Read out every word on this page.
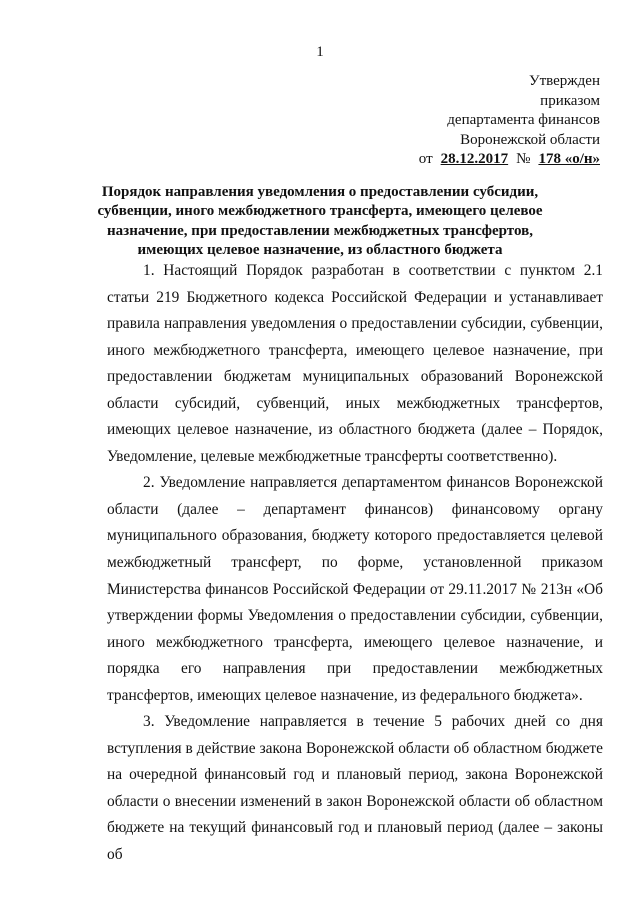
1
Утвержден
приказом
департамента финансов
Воронежской области
от 28.12.2017 № 178 «о/н»
Порядок направления уведомления о предоставлении субсидии, субвенции, иного межбюджетного трансферта, имеющего целевое назначение, при предоставлении межбюджетных трансфертов, имеющих целевое назначение, из областного бюджета

1. Настоящий Порядок разработан в соответствии с пунктом 2.1 статьи 219 Бюджетного кодекса Российской Федерации и устанавливает правила направления уведомления о предоставлении субсидии, субвенции, иного межбюджетного трансферта, имеющего целевое назначение, при предоставлении бюджетам муниципальных образований Воронежской области субсидий, субвенций, иных межбюджетных трансфертов, имеющих целевое назначение, из областного бюджета (далее – Порядок, Уведомление, целевые межбюджетные трансферты соответственно).

2. Уведомление направляется департаментом финансов Воронежской области (далее – департамент финансов) финансовому органу муниципального образования, бюджету которого предоставляется целевой межбюджетный трансферт, по форме, установленной приказом Министерства финансов Российской Федерации от 29.11.2017 № 213н «Об утверждении формы Уведомления о предоставлении субсидии, субвенции, иного межбюджетного трансферта, имеющего целевое назначение, и порядка его направления при предоставлении межбюджетных трансфертов, имеющих целевое назначение, из федерального бюджета».

3. Уведомление направляется в течение 5 рабочих дней со дня вступления в действие закона Воронежской области об областном бюджете на очередной финансовый год и плановый период, закона Воронежской области о внесении изменений в закон Воронежской области об областном бюджете на текущий финансовый год и плановый период (далее – законы об
